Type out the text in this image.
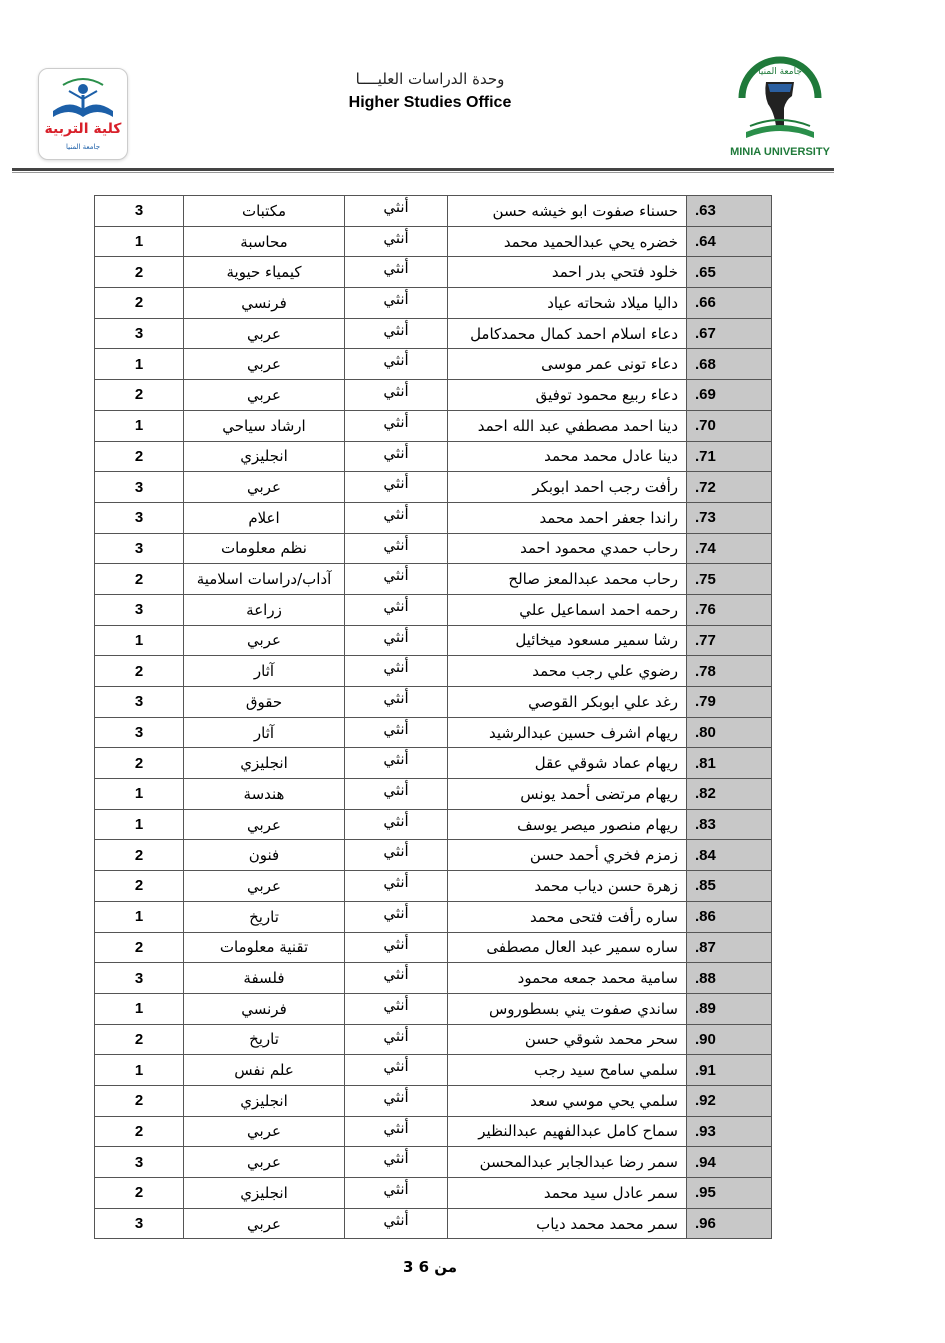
كلية التربية
جامعة المنيا
وحدة الدراسات العليــــا
Higher Studies Office
جامعة المنيا
MINIA UNIVERSITY
3	مكتبات	أنثي	حسناء صفوت ابو خيشه حسن	.63
1	محاسبة	أنثي	خضره يحي عبدالحميد محمد	.64
2	كيمياء حيوية	أنثي	خلود فتحي بدر احمد	.65
2	فرنسي	أنثي	داليا ميلاد شحاته عياد	.66
3	عربي	أنثي	دعاء اسلام احمد كمال محمدكامل	.67
1	عربي	أنثي	دعاء تونى عمر موسى	.68
2	عربي	أنثي	دعاء ربيع محمود توفيق	.69
1	ارشاد سياحي	أنثي	دينا احمد مصطفي عبد الله احمد	.70
2	انجليزي	أنثي	دينا عادل محمد محمد	.71
3	عربي	أنثي	رأفت رجب احمد ابوبكر	.72
3	اعلام	أنثي	راندا جعفر احمد محمد	.73
3	نظم معلومات	أنثي	رحاب حمدي محمود احمد	.74
2	آداب/دراسات اسلامية	أنثي	رحاب محمد عبدالمعز صالح	.75
3	زراعة	أنثي	رحمه احمد اسماعيل علي	.76
1	عربي	أنثي	رشا سمير مسعود ميخائيل	.77
2	آثار	أنثي	رضوي علي رجب محمد	.78
3	حقوق	أنثي	رغد علي ابوبكر القوصي	.79
3	آثار	أنثي	ريهام اشرف حسين عبدالرشيد	.80
2	انجليزي	أنثي	ريهام عماد شوقي عقل	.81
1	هندسة	أنثي	ريهام مرتضى أحمد يونس	.82
1	عربي	أنثي	ريهام منصور ميصر يوسف	.83
2	فنون	أنثي	زمزم فخري أحمد حسن	.84
2	عربي	أنثي	زهرة حسن دياب محمد	.85
1	تاريخ	أنثي	ساره رأفت فتحى محمد	.86
2	تقنية معلومات	أنثي	ساره سمير عبد العال مصطفى	.87
3	فلسفة	أنثي	سامية محمد جمعه محمود	.88
1	فرنسي	أنثي	ساندي صفوت يني بسطوروس	.89
2	تاريخ	أنثي	سحر محمد شوقي حسن	.90
1	علم نفس	أنثي	سلمي سامح سيد رجب	.91
2	انجليزي	أنثي	سلمي يحي موسي سعد	.92
2	عربي	أنثي	سماح كامل عبدالفهيم عبدالنظير	.93
3	عربي	أنثي	سمر رضا عبدالجابر عبدالمحسن	.94
2	انجليزي	أنثي	سمر عادل سيد محمد	.95
3	عربي	أنثي	سمر محمد محمد دياب	.96
3 من 6
